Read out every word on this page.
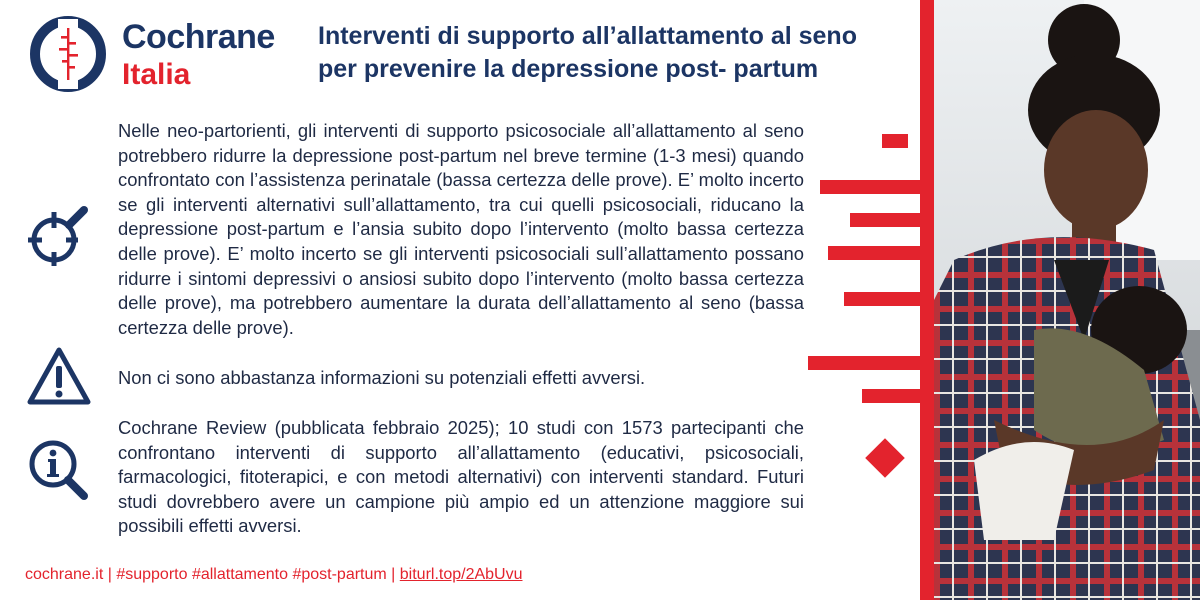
Cochrane
Italia
Interventi di supporto all’allattamento al seno
per prevenire la depressione post- partum
Nelle neo-partorienti, gli interventi di supporto psicosociale all’allattamento al seno potrebbero ridurre la depressione post-partum nel breve termine (1-3 mesi) quando confrontato con l’assistenza perinatale (bassa certezza delle prove). E’ molto incerto se gli interventi alternativi sull’allattamento, tra cui quelli psicosociali, riducano la depressione post-partum e l’ansia subito dopo l’intervento (molto bassa certezza delle prove). E’ molto incerto se gli interventi psicosociali sull’allattamento possano ridurre i sintomi depressivi o ansiosi subito dopo l’intervento (molto bassa certezza delle prove), ma potrebbero aumentare la durata dell’allattamento al seno (bassa certezza delle prove).
Non ci sono abbastanza informazioni su potenziali effetti avversi.
Cochrane Review (pubblicata febbraio 2025); 10 studi con 1573 partecipanti che confrontano interventi di supporto all’allattamento (educativi, psicosociali, farmacologici, fitoterapici, e con metodi alternativi) con interventi standard. Futuri studi dovrebbero avere un campione più ampio ed un attenzione maggiore sui possibili effetti avversi.
cochrane.it | #supporto #allattamento #post-partum | biturl.top/2AbUvu
